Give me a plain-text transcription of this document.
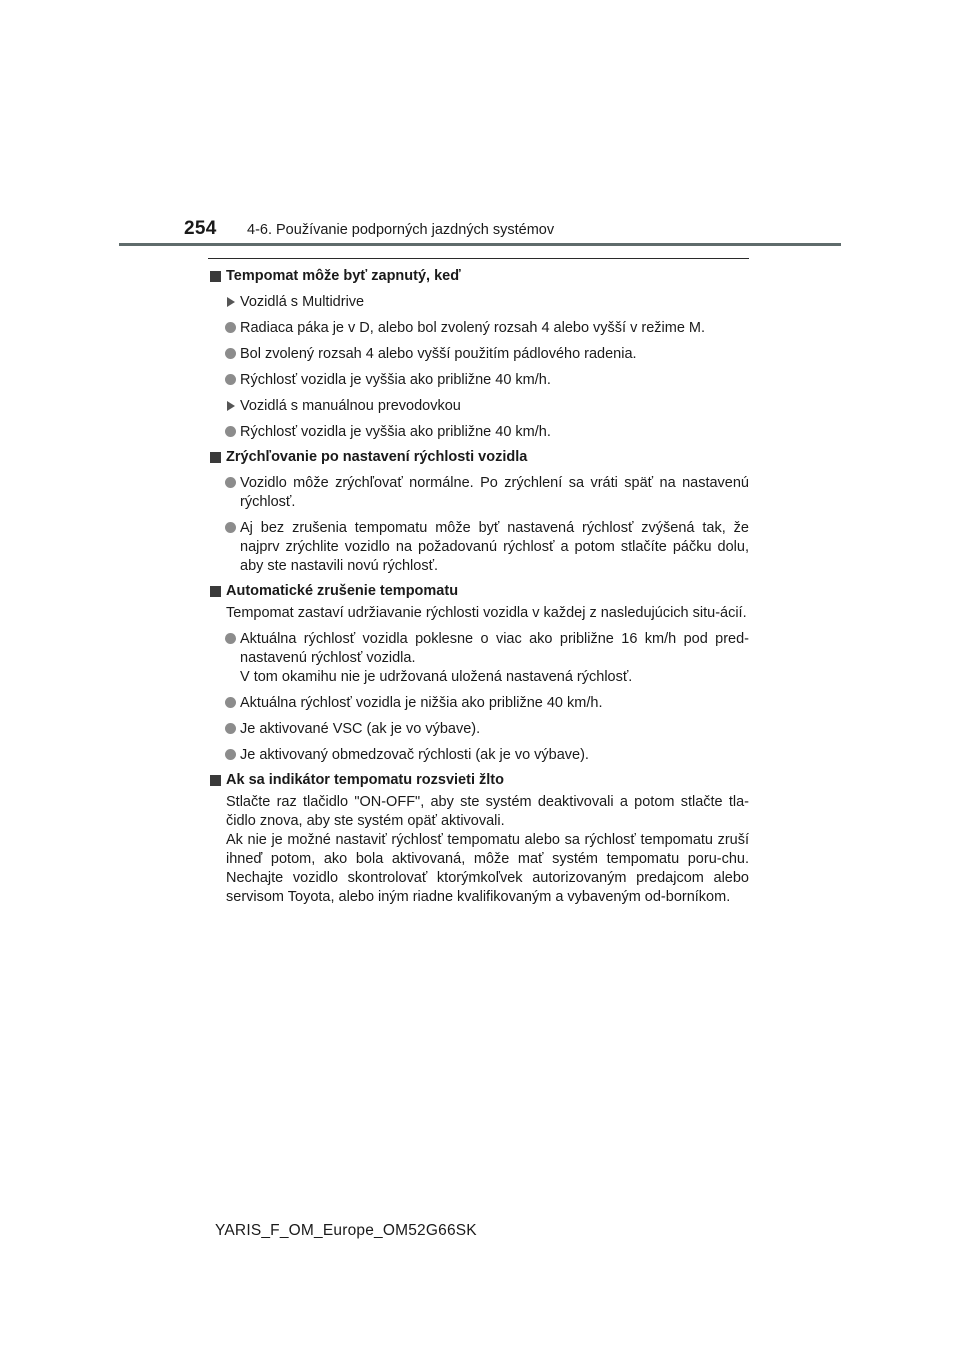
254 4-6. Používanie podporných jazdných systémov

Tempomat môže byť zapnutý, keď

Vozidlá s Multidrive

Radiaca páka je v D, alebo bol zvolený rozsah 4 alebo vyšší v režime M.

Bol zvolený rozsah 4 alebo vyšší použitím pádlového radenia.

Rýchlosť vozidla je vyššia ako približne 40 km/h.

Vozidlá s manuálnou prevodovkou

Rýchlosť vozidla je vyššia ako približne 40 km/h.

Zrýchľovanie po nastavení rýchlosti vozidla

Vozidlo môže zrýchľovať normálne. Po zrýchlení sa vráti späť na nastavenú rýchlosť.

Aj bez zrušenia tempomatu môže byť nastavená rýchlosť zvýšená tak, že najprv zrýchlite vozidlo na požadovanú rýchlosť a potom stlačíte páčku dolu, aby ste nastavili novú rýchlosť.

Automatické zrušenie tempomatu

Tempomat zastaví udržiavanie rýchlosti vozidla v každej z nasledujúcich situ-ácií.

Aktuálna rýchlosť vozidla poklesne o viac ako približne 16 km/h pod pred-nastavenú rýchlosť vozidla.
V tom okamihu nie je udržovaná uložená nastavená rýchlosť.

Aktuálna rýchlosť vozidla je nižšia ako približne 40 km/h.

Je aktivované VSC (ak je vo výbave).

Je aktivovaný obmedzovač rýchlosti (ak je vo výbave).

Ak sa indikátor tempomatu rozsvieti žlto

Stlačte raz tlačidlo "ON-OFF", aby ste systém deaktivovali a potom stlačte tla-čidlo znova, aby ste systém opäť aktivovali.
Ak nie je možné nastaviť rýchlosť tempomatu alebo sa rýchlosť tempomatu zruší ihneď potom, ako bola aktivovaná, môže mať systém tempomatu poru-chu. Nechajte vozidlo skontrolovať ktorýmkoľvek autorizovaným predajcom alebo servisom Toyota, alebo iným riadne kvalifikovaným a vybaveným od-borníkom.

YARIS_F_OM_Europe_OM52G66SK
